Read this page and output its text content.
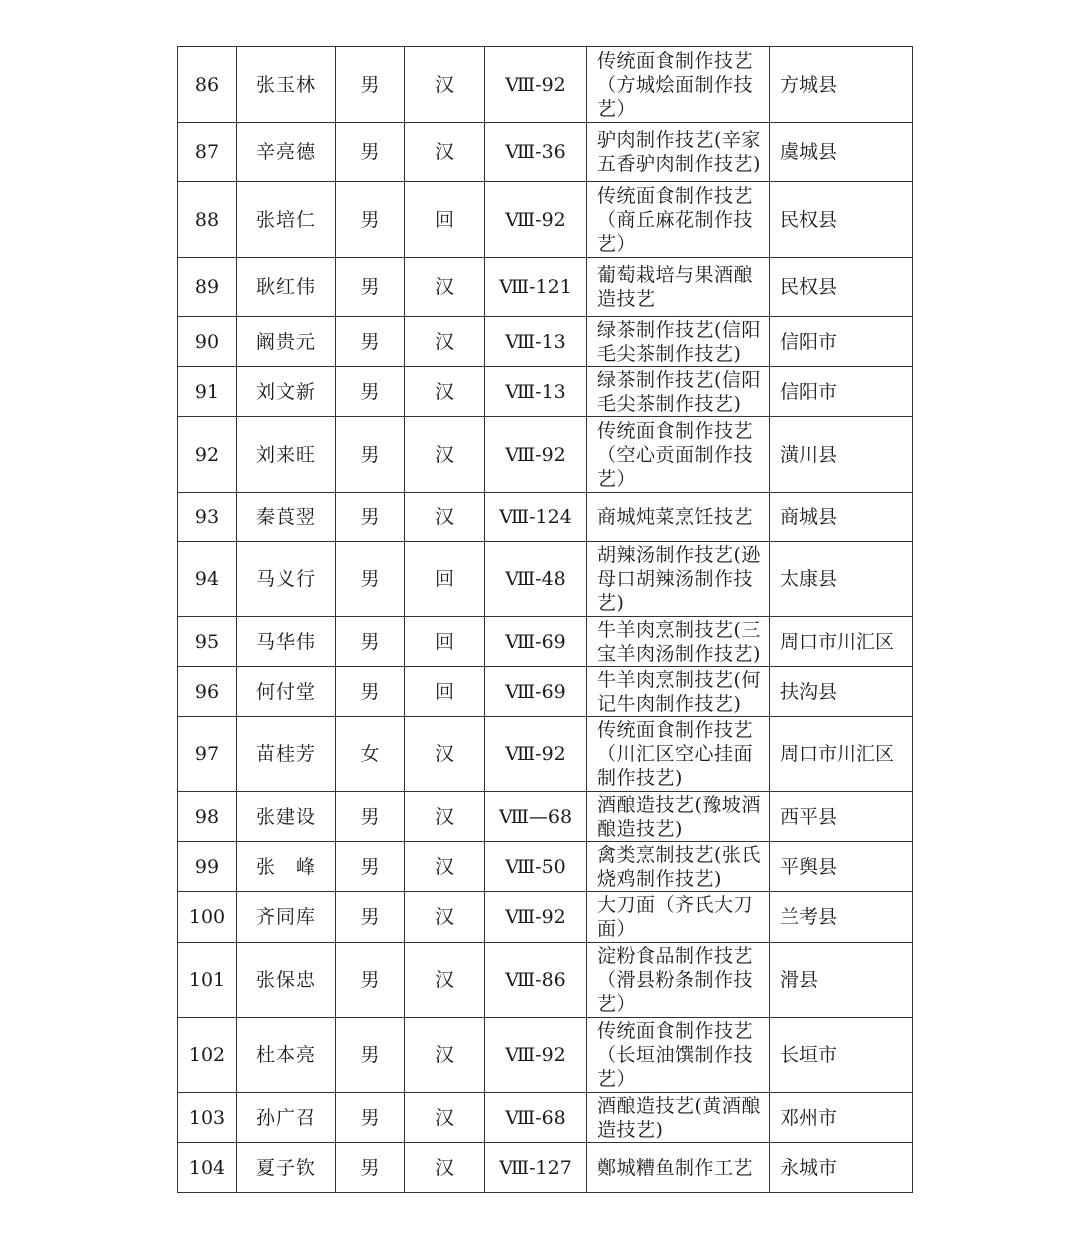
86	张玉林	男	汉	Ⅷ-92	传统面食制作技艺
（方城烩面制作技
艺）	方城县
87	辛亮德	男	汉	Ⅷ-36	驴肉制作技艺(辛家
五香驴肉制作技艺)	虞城县
88	张培仁	男	回	Ⅷ-92	传统面食制作技艺
（商丘麻花制作技
艺）	民权县
89	耿红伟	男	汉	Ⅷ-121	葡萄栽培与果酒酿
造技艺	民权县
90	阚贵元	男	汉	Ⅷ-13	绿茶制作技艺(信阳
毛尖茶制作技艺)	信阳市
91	刘文新	男	汉	Ⅷ-13	绿茶制作技艺(信阳
毛尖茶制作技艺)	信阳市
92	刘来旺	男	汉	Ⅷ-92	传统面食制作技艺
（空心贡面制作技
艺）	潢川县
93	秦莨翌	男	汉	Ⅷ-124	商城炖菜烹饪技艺	商城县
94	马义行	男	回	Ⅷ-48	胡辣汤制作技艺(逊
母口胡辣汤制作技
艺)	太康县
95	马华伟	男	回	Ⅷ-69	牛羊肉烹制技艺(三
宝羊肉汤制作技艺)	周口市川汇区
96	何付堂	男	回	Ⅷ-69	牛羊肉烹制技艺(何
记牛肉制作技艺)	扶沟县
97	苗桂芳	女	汉	Ⅷ-92	传统面食制作技艺
（川汇区空心挂面
制作技艺)	周口市川汇区
98	张建设	男	汉	Ⅷ—68	酒酿造技艺(豫坡酒
酿造技艺)	西平县
99	张　峰	男	汉	Ⅷ-50	禽类烹制技艺(张氏
烧鸡制作技艺)	平舆县
100	齐同库	男	汉	Ⅷ-92	大刀面（齐氏大刀
面）	兰考县
101	张保忠	男	汉	Ⅷ-86	淀粉食品制作技艺
（滑县粉条制作技
艺）	滑县
102	杜本亮	男	汉	Ⅷ-92	传统面食制作技艺
（长垣油馔制作技
艺）	长垣市
103	孙广召	男	汉	Ⅷ-68	酒酿造技艺(黄酒酿
造技艺)	邓州市
104	夏子钦	男	汉	Ⅷ-127	鄭城糟鱼制作工艺	永城市
